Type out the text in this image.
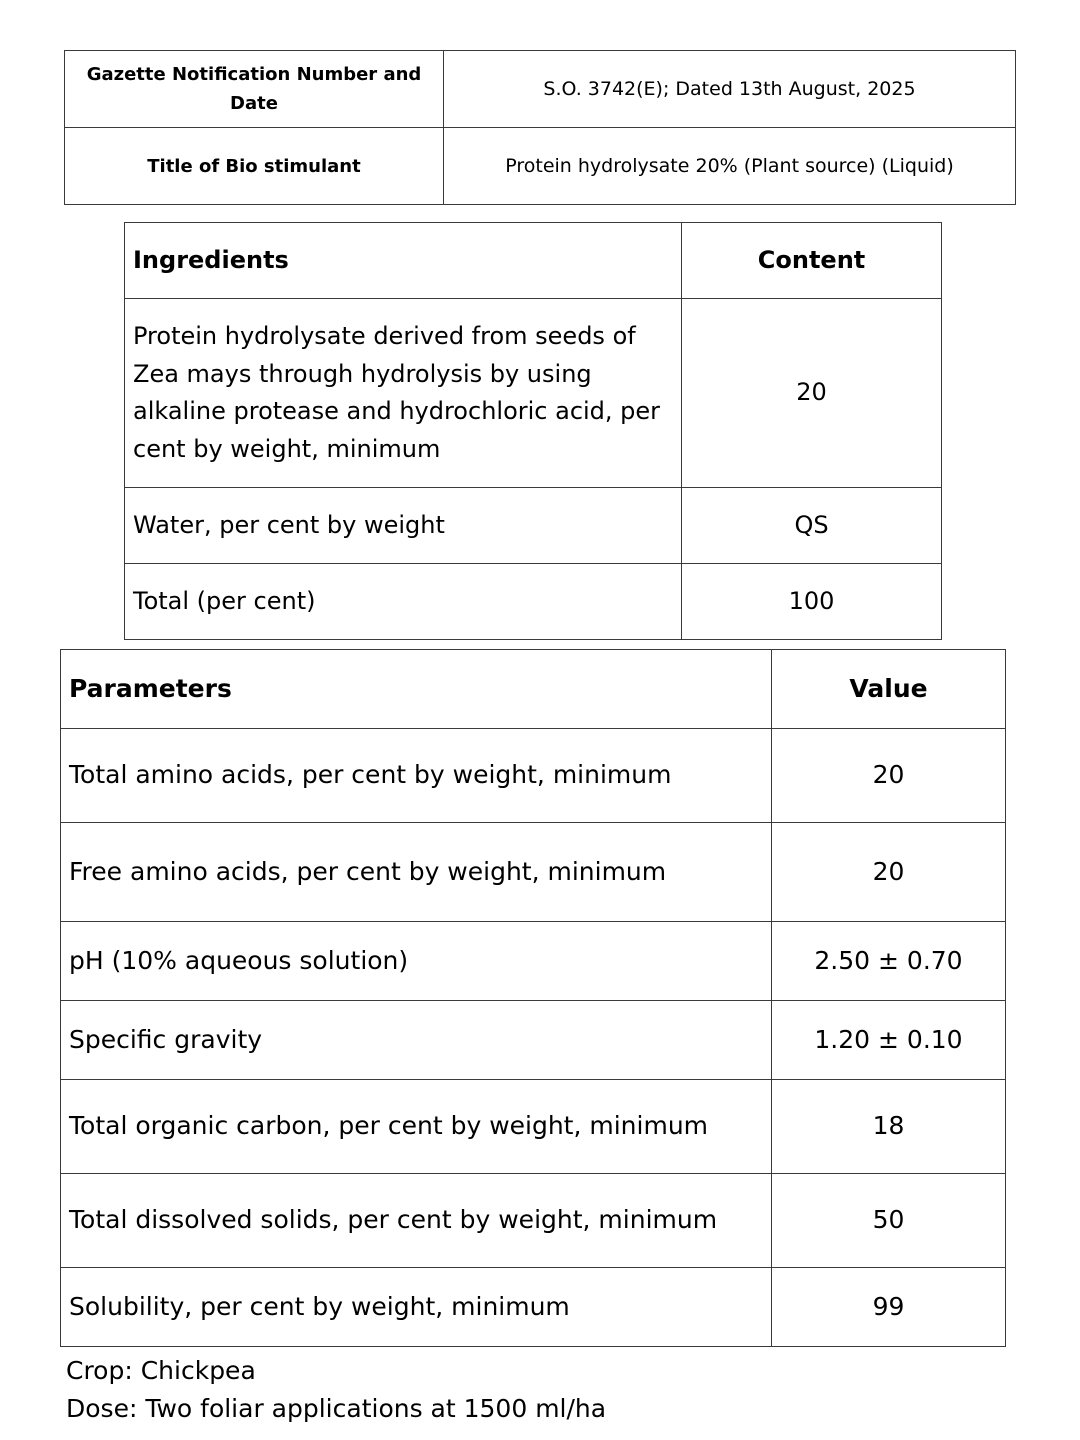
Gazette Notification Number and Date	S.O. 3742(E); Dated 13th August, 2025
Title of Bio stimulant	Protein hydrolysate 20% (Plant source) (Liquid)
Ingredients	Content
Protein hydrolysate derived from seeds of Zea mays through hydrolysis by using alkaline protease and hydrochloric acid, per cent by weight, minimum	20
Water, per cent by weight	QS
Total (per cent)	100
Parameters	Value
Total amino acids, per cent by weight, minimum	20
Free amino acids, per cent by weight, minimum	20
pH (10% aqueous solution)	2.50 ± 0.70
Specific gravity	1.20 ± 0.10
Total organic carbon, per cent by weight, minimum	18
Total dissolved solids, per cent by weight, minimum	50
Solubility, per cent by weight, minimum	99
Crop: Chickpea
Dose: Two foliar applications at 1500 ml/ha
